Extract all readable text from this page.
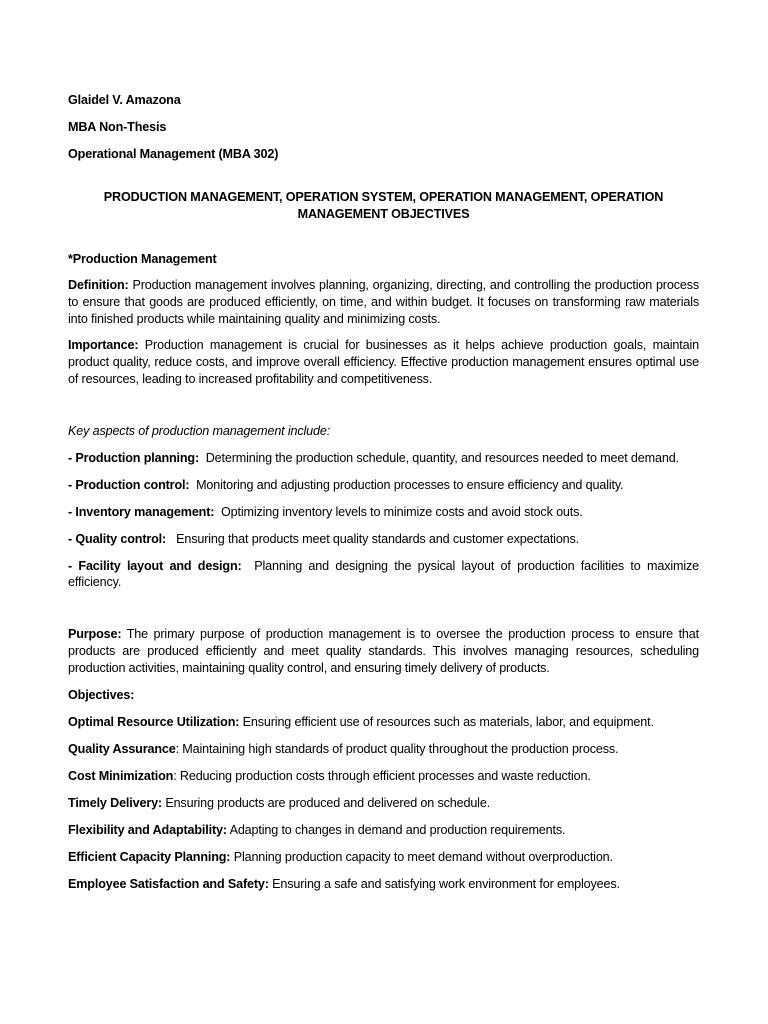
Glaidel V. Amazona

MBA Non-Thesis

Operational Management (MBA 302)

PRODUCTION MANAGEMENT, OPERATION SYSTEM, OPERATION MANAGEMENT, OPERATION MANAGEMENT OBJECTIVES

*Production Management

Definition: Production management involves planning, organizing, directing, and controlling the production process to ensure that goods are produced efficiently, on time, and within budget. It focuses on transforming raw materials into finished products while maintaining quality and minimizing costs.

Importance: Production management is crucial for businesses as it helps achieve production goals, maintain product quality, reduce costs, and improve overall efficiency. Effective production management ensures optimal use of resources, leading to increased profitability and competitiveness.

Key aspects of production management include:

- Production planning:  Determining the production schedule, quantity, and resources needed to meet demand.

- Production control:  Monitoring and adjusting production processes to ensure efficiency and quality.

- Inventory management:  Optimizing inventory levels to minimize costs and avoid stock outs.

- Quality control:   Ensuring that products meet quality standards and customer expectations.

- Facility layout and design:  Planning and designing the pysical layout of production facilities to maximize efficiency.

Purpose: The primary purpose of production management is to oversee the production process to ensure that products are produced efficiently and meet quality standards. This involves managing resources, scheduling production activities, maintaining quality control, and ensuring timely delivery of products.

Objectives:

Optimal Resource Utilization: Ensuring efficient use of resources such as materials, labor, and equipment.

Quality Assurance: Maintaining high standards of product quality throughout the production process.

Cost Minimization: Reducing production costs through efficient processes and waste reduction.

Timely Delivery: Ensuring products are produced and delivered on schedule.

Flexibility and Adaptability: Adapting to changes in demand and production requirements.

Efficient Capacity Planning: Planning production capacity to meet demand without overproduction.

Employee Satisfaction and Safety: Ensuring a safe and satisfying work environment for employees.
